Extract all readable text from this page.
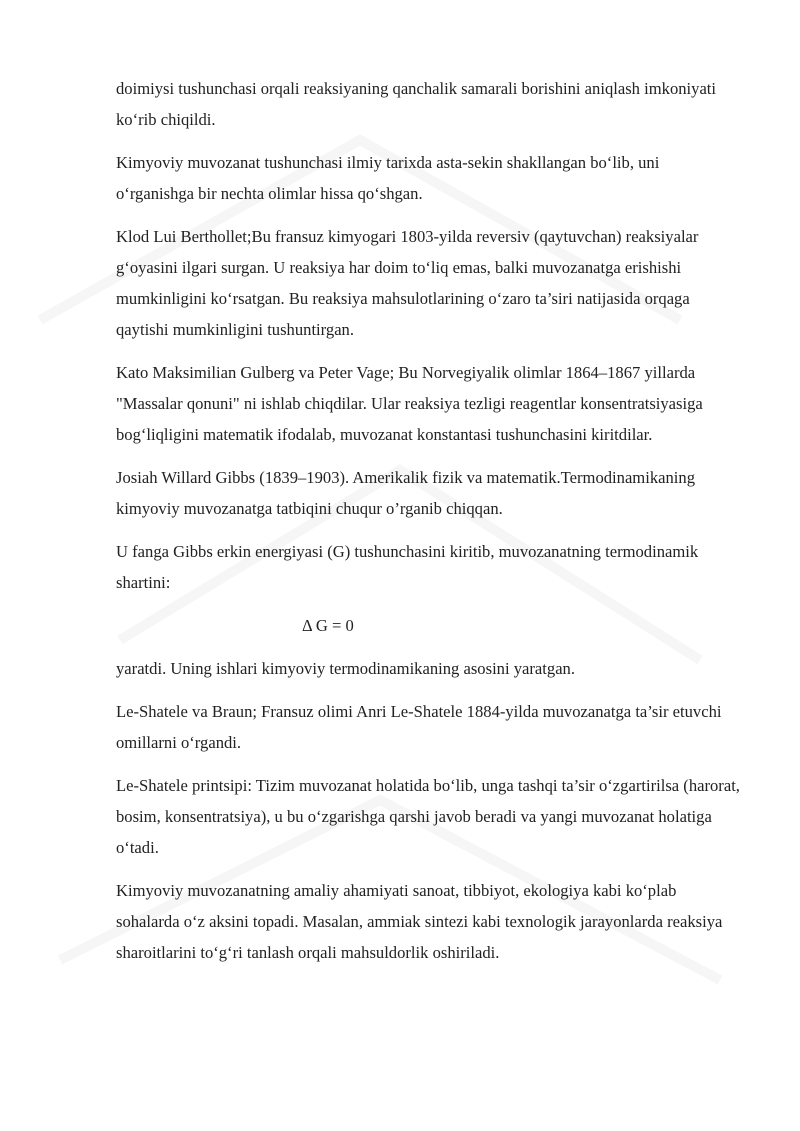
doimiysi tushunchasi orqali reaksiyaning qanchalik samarali borishini aniqlash imkoniyati ko‘rib chiqildi.

Kimyoviy muvozanat tushunchasi ilmiy tarixda asta-sekin shakllangan bo‘lib, uni o‘rganishga bir nechta olimlar hissa qo‘shgan.

Klod Lui Berthollet;Bu fransuz kimyogari 1803-yilda reversiv (qaytuvchan) reaksiyalar g‘oyasini ilgari surgan. U reaksiya har doim to‘liq emas, balki muvozanatga erishishi mumkinligini ko‘rsatgan. Bu reaksiya mahsulotlarining o‘zaro ta’siri natijasida orqaga qaytishi mumkinligini tushuntirgan.

Kato Maksimilian Gulberg va Peter Vage; Bu Norvegiyalik olimlar 1864–1867 yillarda "Massalar qonuni" ni ishlab chiqdilar. Ular reaksiya tezligi reagentlar konsentratsiyasiga bog‘liqligini matematik ifodalab, muvozanat konstantasi tushunchasini kiritdilar.

Josiah Willard Gibbs (1839–1903). Amerikalik fizik va matematik.Termodinamikaning kimyoviy muvozanatga tatbiqini chuqur o’rganib chiqqan.

U fanga Gibbs erkin energiyasi (G) tushunchasini kiritib, muvozanatning termodinamik shartini:

Δ G = 0

yaratdi. Uning ishlari kimyoviy termodinamikaning asosini yaratgan.

Le-Shatele va Braun; Fransuz olimi Anri Le-Shatele 1884-yilda muvozanatga ta’sir etuvchi omillarni o‘rgandi.

Le-Shatele printsipi: Tizim muvozanat holatida bo‘lib, unga tashqi ta’sir o‘zgartirilsa (harorat, bosim, konsentratsiya), u bu o‘zgarishga qarshi javob beradi va yangi muvozanat holatiga o‘tadi.

Kimyoviy muvozanatning amaliy ahamiyati sanoat, tibbiyot, ekologiya kabi ko‘plab sohalarda o‘z aksini topadi. Masalan, ammiak sintezi kabi texnologik jarayonlarda reaksiya sharoitlarini to‘g‘ri tanlash orqali mahsuldorlik oshiriladi.
